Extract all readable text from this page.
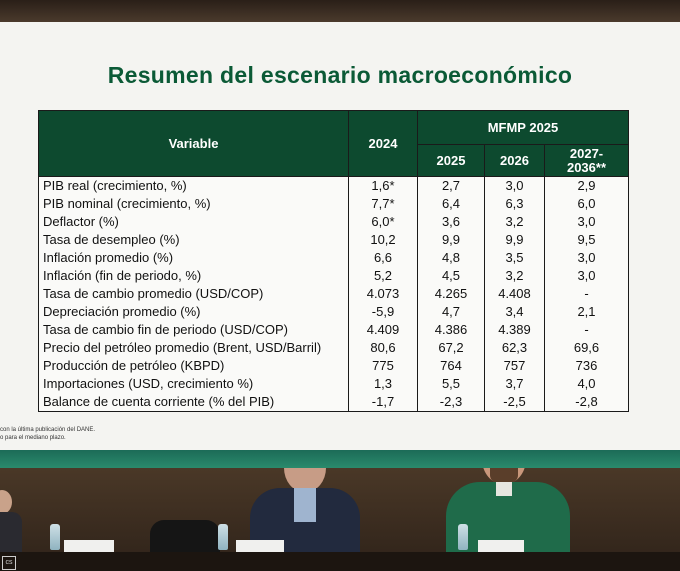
Resumen del escenario macroeconómico
Variable	2024	MFMP 2025		
		2025	2026	2027-
2036**
PIB real (crecimiento, %)	1,6*	2,7	3,0	2,9
PIB nominal (crecimiento, %)	7,7*	6,4	6,3	6,0
Deflactor (%)	6,0*	3,6	3,2	3,0
Tasa de desempleo (%)	10,2	9,9	9,9	9,5
Inflación promedio (%)	6,6	4,8	3,5	3,0
Inflación (fin de periodo, %)	5,2	4,5	3,2	3,0
Tasa de cambio promedio (USD/COP)	4.073	4.265	4.408	-
Depreciación promedio (%)	-5,9	4,7	3,4	2,1
Tasa de cambio fin de periodo (USD/COP)	4.409	4.386	4.389	-
Precio del petróleo promedio (Brent, USD/Barril)	80,6	67,2	62,3	69,6
Producción de petróleo (KBPD)	775	764	757	736
Importaciones (USD, crecimiento %)	1,3	5,5	3,7	4,0
Balance de cuenta corriente (% del PIB)	-1,7	-2,3	-2,5	-2,8
con la última publicación del DANE.
o para el mediano plazo.
cs
